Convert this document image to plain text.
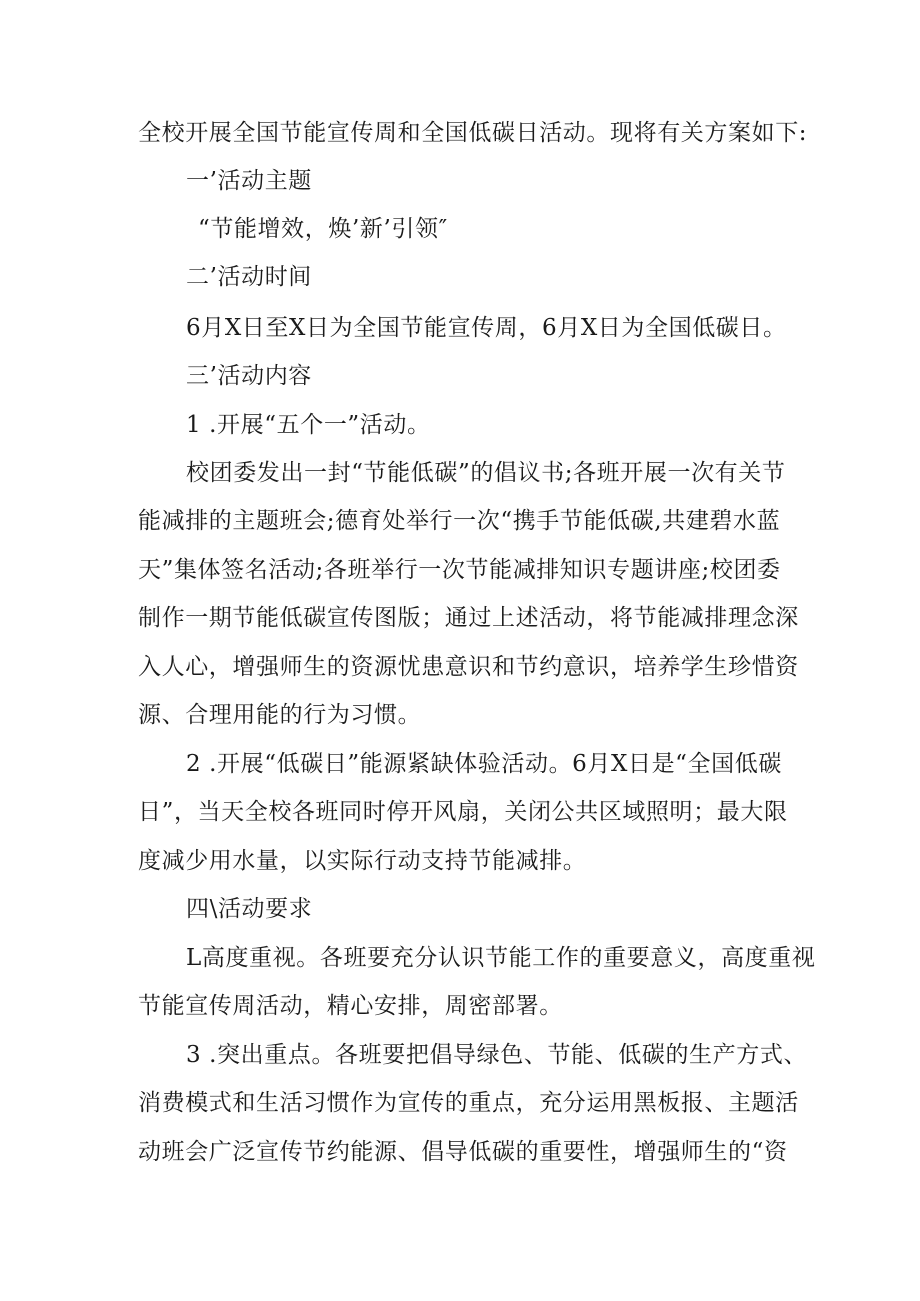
全校开展全国节能宣传周和全国低碳日活动。现将有关方案如下:
一’活动主题
“节能增效，焕’新’引领″
二’活动时间
6月X日至X日为全国节能宣传周，6月X日为全国低碳日。
三’活动内容
1 .开展“五个一”活动。
校团委发出一封“节能低碳”的倡议书;各班开展一次有关节
能减排的主题班会;德育处举行一次“携手节能低碳,共建碧水蓝
天”集体签名活动;各班举行一次节能减排知识专题讲座;校团委
制作一期节能低碳宣传图版；通过上述活动，将节能减排理念深
入人心，增强师生的资源忧患意识和节约意识，培养学生珍惜资
源、合理用能的行为习惯。
2 .开展“低碳日”能源紧缺体验活动。6月X日是“全国低碳
日”，当天全校各班同时停开风扇，关闭公共区域照明；最大限
度减少用水量，以实际行动支持节能减排。
四\活动要求
L高度重视。各班要充分认识节能工作的重要意义，高度重视
节能宣传周活动，精心安排，周密部署。
3 .突出重点。各班要把倡导绿色、节能、低碳的生产方式、
消费模式和生活习惯作为宣传的重点，充分运用黑板报、主题活
动班会广泛宣传节约能源、倡导低碳的重要性，增强师生的“资
